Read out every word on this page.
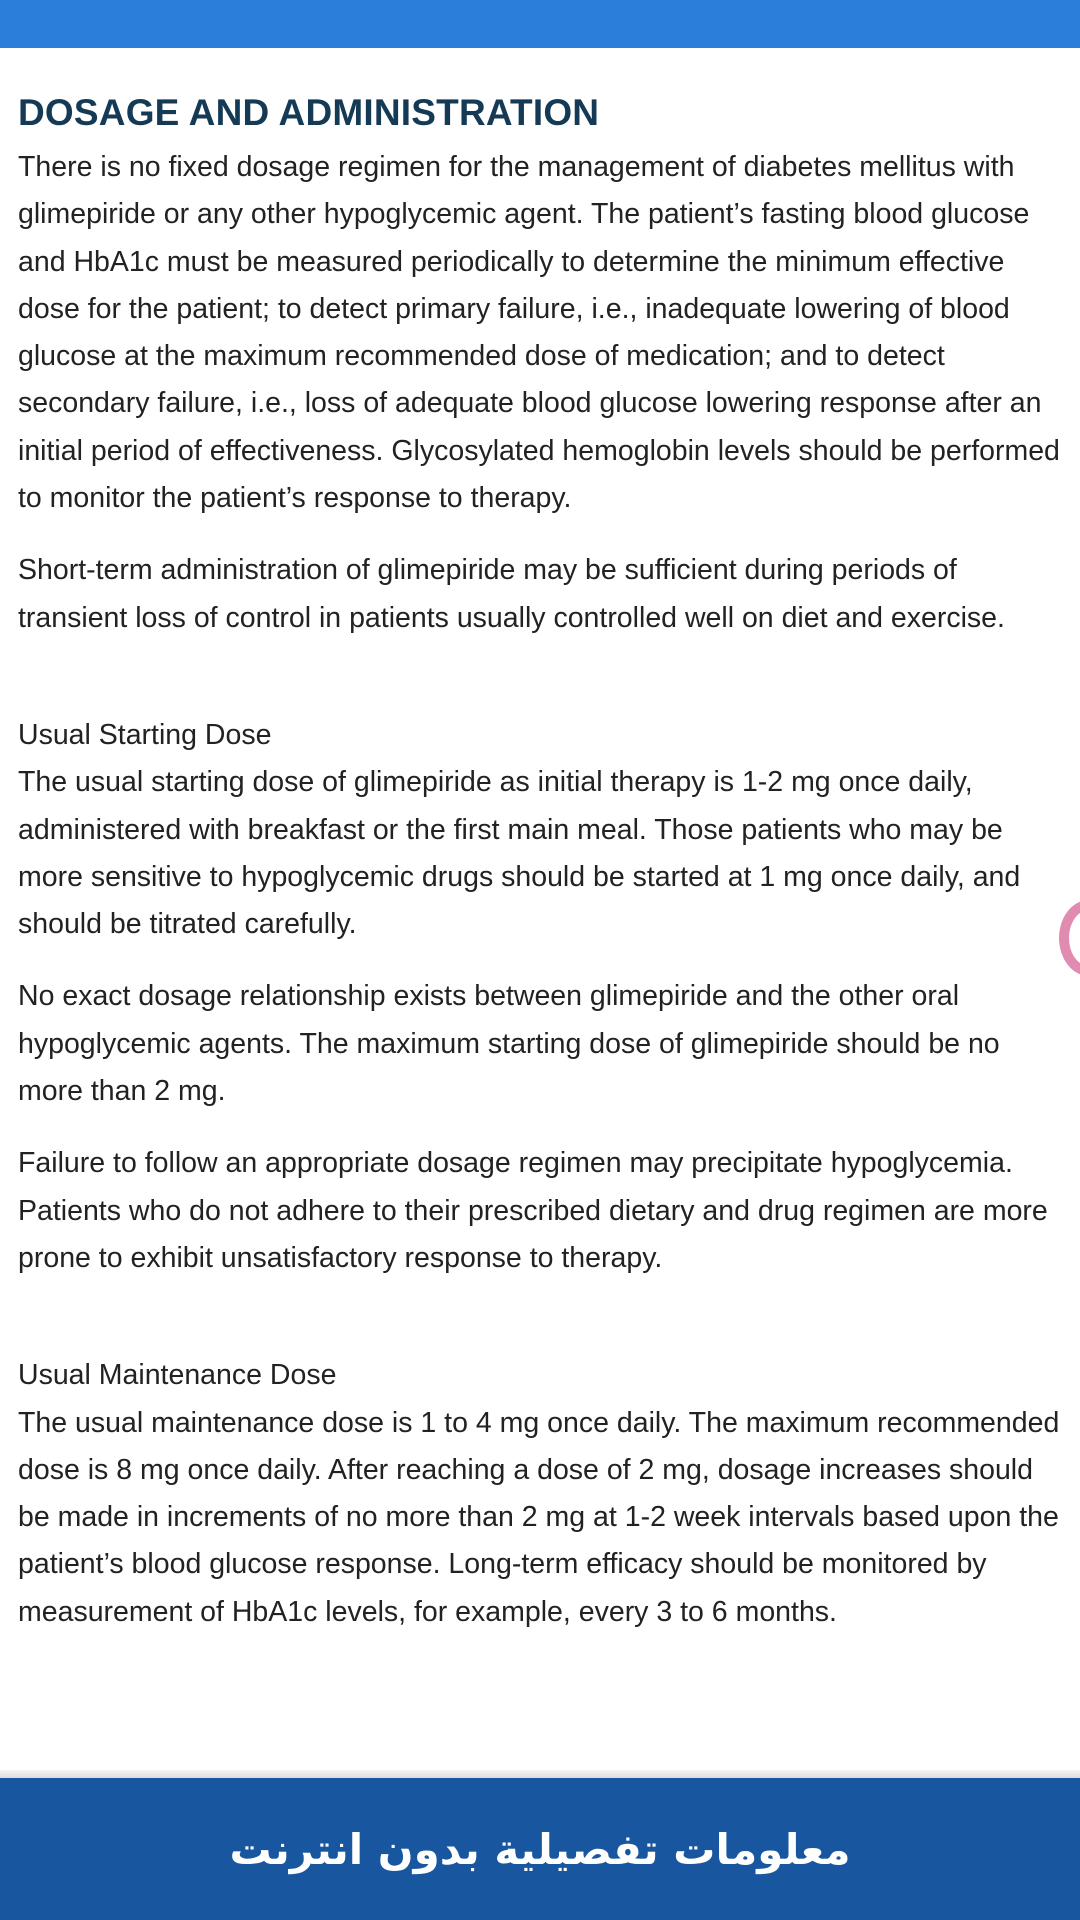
DOSAGE AND ADMINISTRATION

There is no fixed dosage regimen for the management of diabetes mellitus with glimepiride or any other hypoglycemic agent. The patient’s fasting blood glucose and HbA1c must be measured periodically to determine the minimum effective dose for the patient; to detect primary failure, i.e., inadequate lowering of blood glucose at the maximum recommended dose of medication; and to detect secondary failure, i.e., loss of adequate blood glucose lowering response after an initial period of effectiveness. Glycosylated hemoglobin levels should be performed to monitor the patient’s response to therapy.

Short-term administration of glimepiride may be sufficient during periods of transient loss of control in patients usually controlled well on diet and exercise.

Usual Starting Dose

The usual starting dose of glimepiride as initial therapy is 1-2 mg once daily, administered with breakfast or the first main meal. Those patients who may be more sensitive to hypoglycemic drugs should be started at 1 mg once daily, and should be titrated carefully.

No exact dosage relationship exists between glimepiride and the other oral hypoglycemic agents. The maximum starting dose of glimepiride should be no more than 2 mg.

Failure to follow an appropriate dosage regimen may precipitate hypoglycemia. Patients who do not adhere to their prescribed dietary and drug regimen are more prone to exhibit unsatisfactory response to therapy.

Usual Maintenance Dose

The usual maintenance dose is 1 to 4 mg once daily. The maximum recommended dose is 8 mg once daily. After reaching a dose of 2 mg, dosage increases should be made in increments of no more than 2 mg at 1-2 week intervals based upon the patient’s blood glucose response. Long-term efficacy should be monitored by measurement of HbA1c levels, for example, every 3 to 6 months.

معلومات تفصيلية بدون انترنت
